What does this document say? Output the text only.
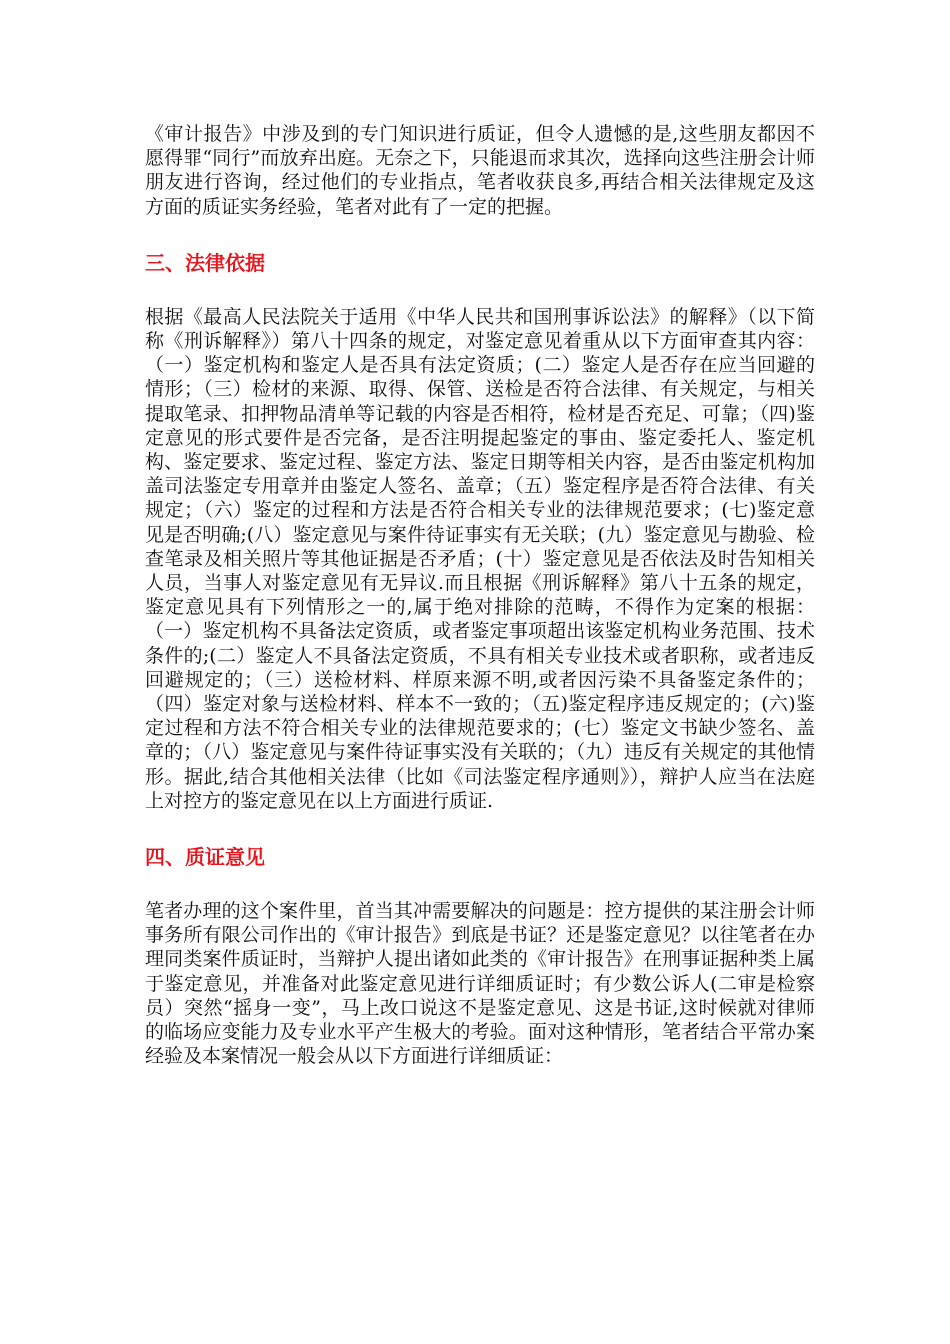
《审计报告》中涉及到的专门知识进行质证，但令人遗憾的是,这些朋友都因不愿得罪“同行”而放弃出庭。无奈之下，只能退而求其次，选择向这些注册会计师朋友进行咨询，经过他们的专业指点，笔者收获良多,再结合相关法律规定及这方面的质证实务经验，笔者对此有了一定的把握。

三、法律依据

根据《最高人民法院关于适用《中华人民共和国刑事诉讼法》的解释》（以下简称《刑诉解释》）第八十四条的规定，对鉴定意见着重从以下方面审查其内容：（一）鉴定机构和鉴定人是否具有法定资质；(二）鉴定人是否存在应当回避的情形；（三）检材的来源、取得、保管、送检是否符合法律、有关规定，与相关提取笔录、扣押物品清单等记载的内容是否相符，检材是否充足、可靠；（四)鉴定意见的形式要件是否完备，是否注明提起鉴定的事由、鉴定委托人、鉴定机构、鉴定要求、鉴定过程、鉴定方法、鉴定日期等相关内容，是否由鉴定机构加盖司法鉴定专用章并由鉴定人签名、盖章；（五）鉴定程序是否符合法律、有关规定；（六）鉴定的过程和方法是否符合相关专业的法律规范要求；(七)鉴定意见是否明确;(八）鉴定意见与案件待证事实有无关联；(九）鉴定意见与勘验、检查笔录及相关照片等其他证据是否矛盾；(十）鉴定意见是否依法及时告知相关人员，当事人对鉴定意见有无异议.而且根据《刑诉解释》第八十五条的规定，鉴定意见具有下列情形之一的,属于绝对排除的范畴，不得作为定案的根据：（一）鉴定机构不具备法定资质，或者鉴定事项超出该鉴定机构业务范围、技术条件的;(二）鉴定人不具备法定资质，不具有相关专业技术或者职称，或者违反回避规定的；（三）送检材料、样原来源不明,或者因污染不具备鉴定条件的；（四）鉴定对象与送检材料、样本不一致的；（五)鉴定程序违反规定的；(六)鉴定过程和方法不符合相关专业的法律规范要求的；(七）鉴定文书缺少签名、盖章的；（八）鉴定意见与案件待证事实没有关联的；（九）违反有关规定的其他情形。据此,结合其他相关法律（比如《司法鉴定程序通则》），辩护人应当在法庭上对控方的鉴定意见在以上方面进行质证.

四、质证意见

笔者办理的这个案件里，首当其冲需要解决的问题是：控方提供的某注册会计师事务所有限公司作出的《审计报告》到底是书证？还是鉴定意见？以往笔者在办理同类案件质证时，当辩护人提出诸如此类的《审计报告》在刑事证据种类上属于鉴定意见，并准备对此鉴定意见进行详细质证时；有少数公诉人(二审是检察员）突然“摇身一变”，马上改口说这不是鉴定意见、这是书证,这时候就对律师的临场应变能力及专业水平产生极大的考验。面对这种情形，笔者结合平常办案经验及本案情况一般会从以下方面进行详细质证：
